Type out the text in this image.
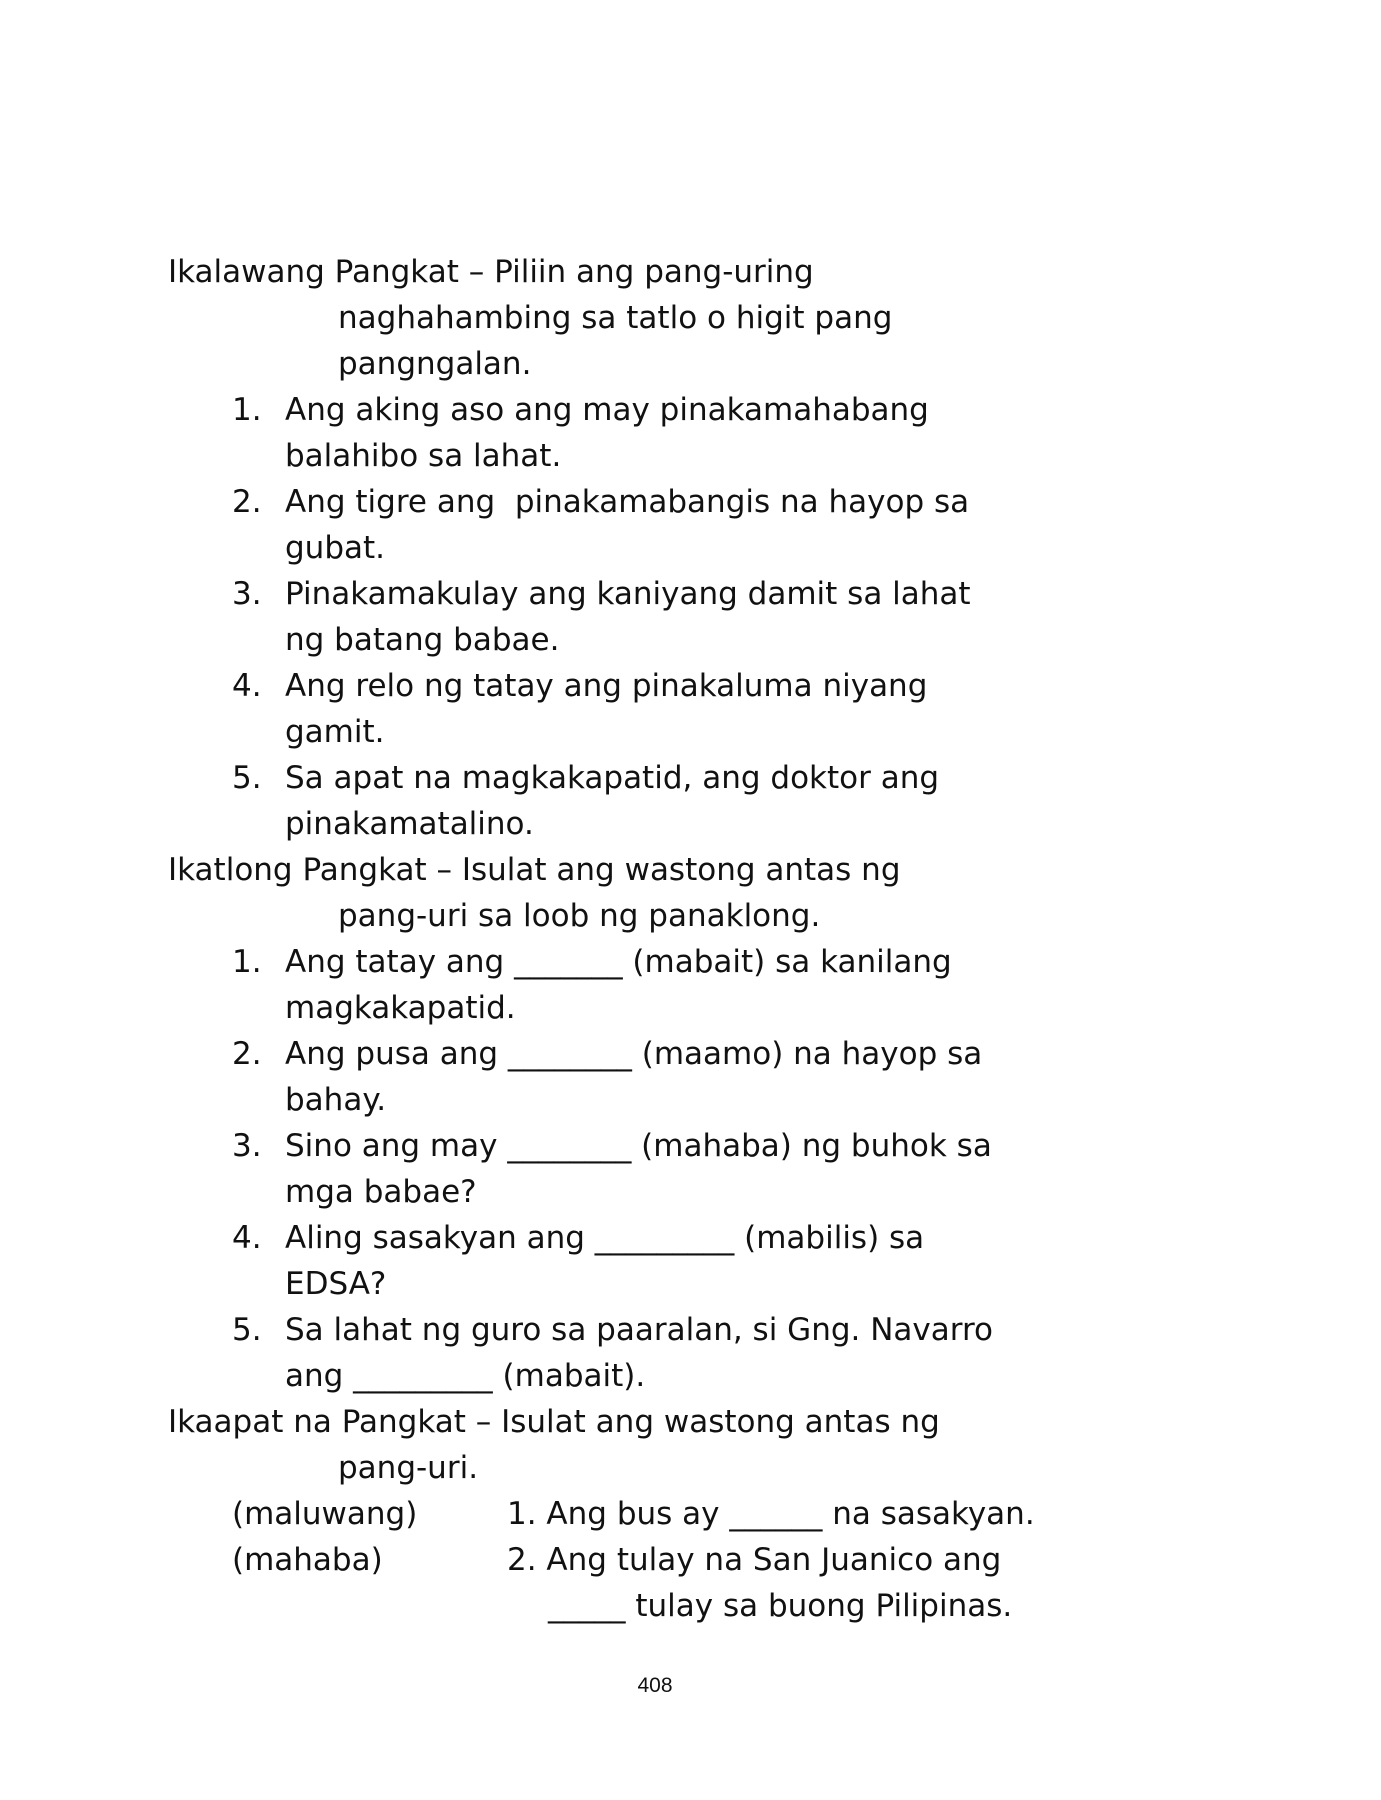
Ikalawang Pangkat – Piliin ang pang-uring
naghahambing sa tatlo o higit pang
pangngalan.
1. Ang aking aso ang may pinakamahabang
balahibo sa lahat.
2. Ang tigre ang  pinakamabangis na hayop sa
gubat.
3. Pinakamakulay ang kaniyang damit sa lahat
ng batang babae.
4. Ang relo ng tatay ang pinakaluma niyang
gamit.
5. Sa apat na magkakapatid, ang doktor ang
pinakamatalino.
Ikatlong Pangkat – Isulat ang wastong antas ng
pang-uri sa loob ng panaklong.
1. Ang tatay ang _______ (mabait) sa kanilang
magkakapatid.
2. Ang pusa ang ________ (maamo) na hayop sa
bahay.
3. Sino ang may ________ (mahaba) ng buhok sa
mga babae?
4. Aling sasakyan ang _________ (mabilis) sa
EDSA?
5. Sa lahat ng guro sa paaralan, si Gng. Navarro
ang _________ (mabait).
Ikaapat na Pangkat – Isulat ang wastong antas ng
pang-uri.
(maluwang)	1. Ang bus ay ______ na sasakyan.
(mahaba)	2. Ang tulay na San Juanico ang
_____ tulay sa buong Pilipinas.
408
